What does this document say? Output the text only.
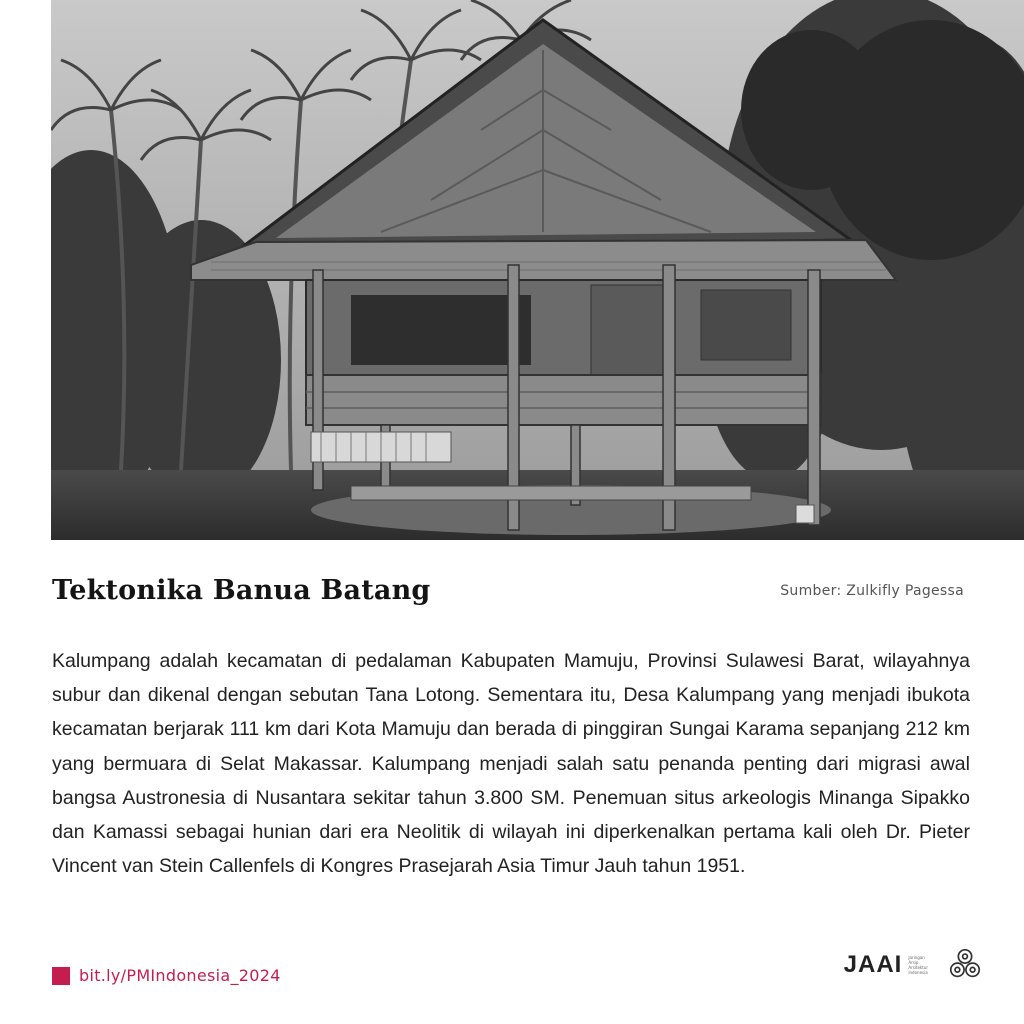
Tektonika Banua Batang	Sumber: Zulkifly Pagessa

Kalumpang adalah kecamatan di pedalaman Kabupaten Mamuju, Provinsi Sulawesi Barat, wilayahnya subur dan dikenal dengan sebutan Tana Lotong. Sementara itu, Desa Kalumpang yang menjadi ibukota kecamatan berjarak 111 km dari Kota Mamuju dan berada di pinggiran Sungai Karama sepanjang 212 km yang bermuara di Selat Makassar. Kalumpang menjadi salah satu penanda penting dari migrasi awal bangsa Austronesia di Nusantara sekitar tahun 3.800 SM. Penemuan situs arkeologis Minanga Sipakko dan Kamassi sebagai hunian dari era Neolitik di wilayah ini diperkenalkan pertama kali oleh Dr. Pieter Vincent van Stein Callenfels di Kongres Prasejarah Asia Timur Jauh tahun 1951.

bit.ly/PMIndonesia_2024	JAAI Jaringan
Arsip
Arsitektur
Indonesia
